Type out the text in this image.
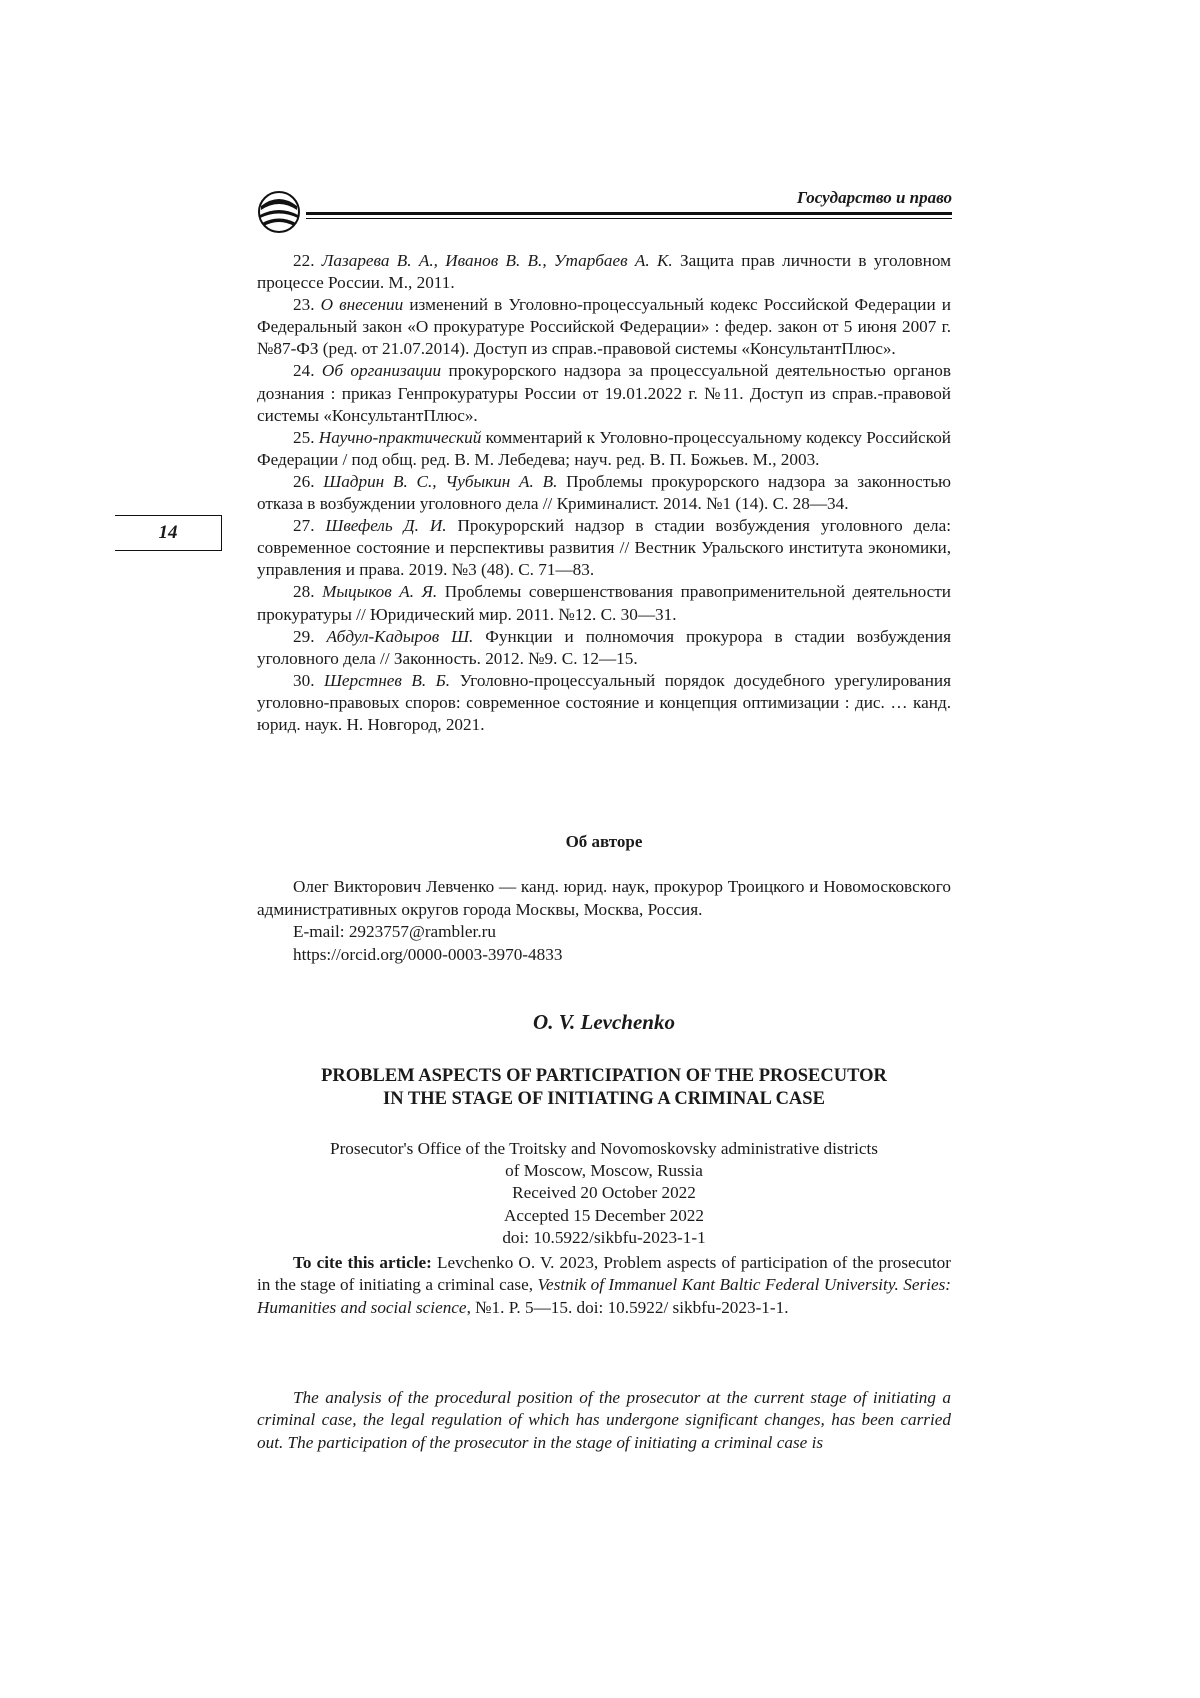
Государство и право
14

22. Лазарева В. А., Иванов В. В., Утарбаев А. К. Защита прав личности в уголовном процессе России. М., 2011.

23. О внесении изменений в Уголовно-процессуальный кодекс Российской Федерации и Федеральный закон «О прокуратуре Российской Федерации» : федер. закон от 5 июня 2007 г. №87-ФЗ (ред. от 21.07.2014). Доступ из справ.-правовой системы «КонсультантПлюс».

24. Об организации прокурорского надзора за процессуальной деятельностью органов дознания : приказ Генпрокуратуры России от 19.01.2022 г. №11. Доступ из справ.-правовой системы «КонсультантПлюс».

25. Научно-практический комментарий к Уголовно-процессуальному кодексу Российской Федерации / под общ. ред. В. М. Лебедева; науч. ред. В. П. Божьев. М., 2003.

26. Шадрин В. С., Чубыкин А. В. Проблемы прокурорского надзора за законностью отказа в возбуждении уголовного дела // Криминалист. 2014. №1 (14). С. 28—34.

27. Швефель Д. И. Прокурорский надзор в стадии возбуждения уголовного дела: современное состояние и перспективы развития // Вестник Уральского института экономики, управления и права. 2019. №3 (48). С. 71—83.

28. Мыцыков А. Я. Проблемы совершенствования правоприменительной деятельности прокуратуры // Юридический мир. 2011. №12. С. 30—31.

29. Абдул-Кадыров Ш. Функции и полномочия прокурора в стадии возбуждения уголовного дела // Законность. 2012. №9. С. 12—15.

30. Шерстнев В. Б. Уголовно-процессуальный порядок досудебного урегулирования уголовно-правовых споров: современное состояние и концепция оптимизации : дис. … канд. юрид. наук. Н. Новгород, 2021.

Об авторе

Олег Викторович Левченко — канд. юрид. наук, прокурор Троицкого и Новомосковского административных округов города Москвы, Москва, Россия.

E-mail: 2923757@rambler.ru

https://orcid.org/0000-0003-3970-4833

O. V. Levchenko
PROBLEM ASPECTS OF PARTICIPATION OF THE PROSECUTOR
IN THE STAGE OF INITIATING A CRIMINAL CASE
Prosecutor's Office of the Troitsky and Novomoskovsky administrative districts
of Moscow, Moscow, Russia
Received 20 October 2022
Accepted 15 December 2022
doi: 10.5922/sikbfu-2023-1-1

To cite this article: Levchenko O. V. 2023, Problem aspects of participation of the prosecutor in the stage of initiating a criminal case, Vestnik of Immanuel Kant Baltic Federal University. Series: Humanities and social science, №1. P. 5—15. doi: 10.5922/ sikbfu-2023-1-1.

The analysis of the procedural position of the prosecutor at the current stage of initiating a criminal case, the legal regulation of which has undergone significant changes, has been carried out. The participation of the prosecutor in the stage of initiating a criminal case is
